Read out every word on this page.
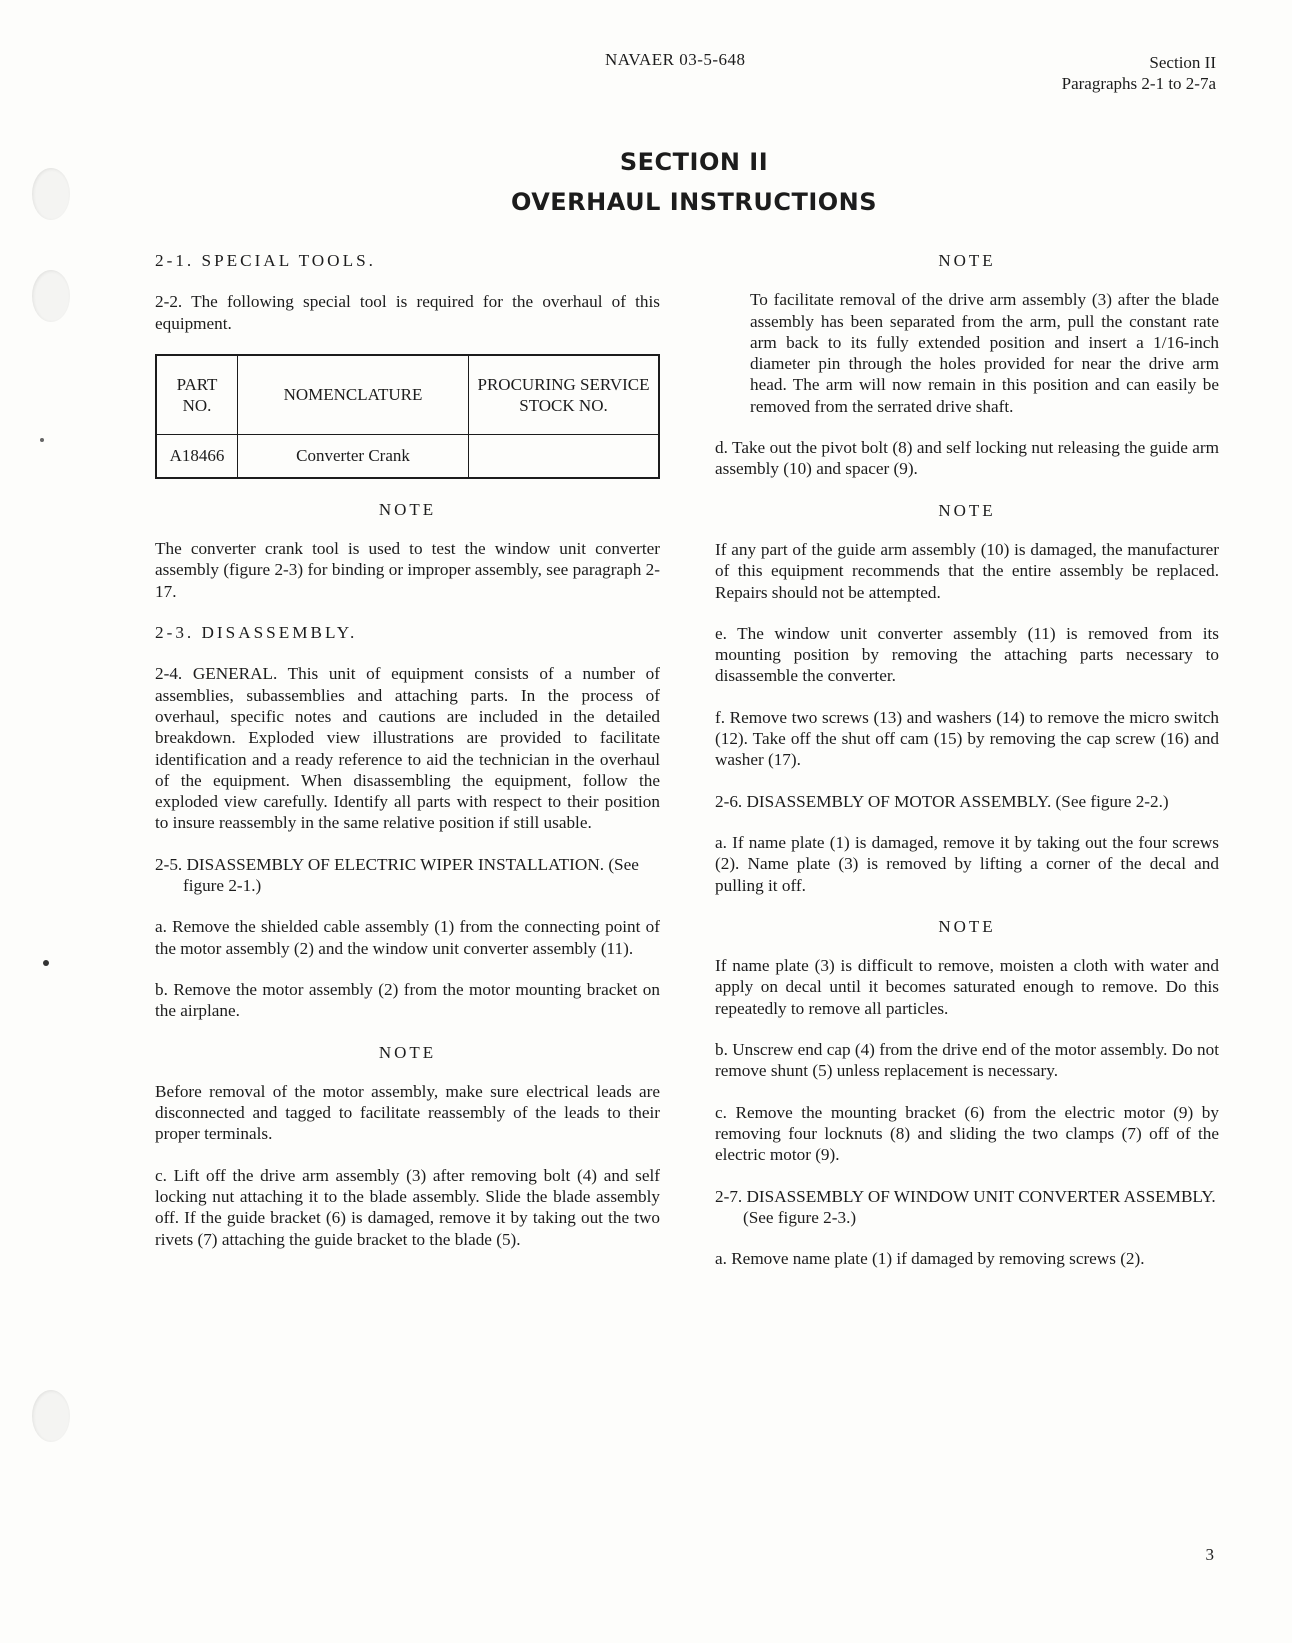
NAVAER 03-5-648	Section II
Paragraphs 2-1 to 2-7a
SECTION II
OVERHAUL INSTRUCTIONS

2-1. SPECIAL TOOLS.

2-2. The following special tool is required for the overhaul of this equipment.

PART NO.	NOMENCLATURE	PROCURING SERVICE STOCK NO.
A18466	Converter Crank	
NOTE

The converter crank tool is used to test the window unit converter assembly (figure 2-3) for binding or improper assembly, see paragraph 2-17.

2-3. DISASSEMBLY.

2-4. GENERAL. This unit of equipment consists of a number of assemblies, subassemblies and attaching parts. In the process of overhaul, specific notes and cautions are included in the detailed breakdown. Exploded view illustrations are provided to facilitate identification and a ready reference to aid the technician in the overhaul of the equipment. When disassembling the equipment, follow the exploded view carefully. Identify all parts with respect to their position to insure reassembly in the same relative position if still usable.

2-5. DISASSEMBLY OF ELECTRIC WIPER INSTALLATION. (See figure 2-1.)

a. Remove the shielded cable assembly (1) from the connecting point of the motor assembly (2) and the window unit converter assembly (11).

b. Remove the motor assembly (2) from the motor mounting bracket on the airplane.

NOTE

Before removal of the motor assembly, make sure electrical leads are disconnected and tagged to facilitate reassembly of the leads to their proper terminals.

c. Lift off the drive arm assembly (3) after removing bolt (4) and self locking nut attaching it to the blade assembly. Slide the blade assembly off. If the guide bracket (6) is damaged, remove it by taking out the two rivets (7) attaching the guide bracket to the blade (5).

NOTE

To facilitate removal of the drive arm assembly (3) after the blade assembly has been separated from the arm, pull the constant rate arm back to its fully extended position and insert a 1/16-inch diameter pin through the holes provided for near the drive arm head. The arm will now remain in this position and can easily be removed from the serrated drive shaft.

d. Take out the pivot bolt (8) and self locking nut releasing the guide arm assembly (10) and spacer (9).

NOTE

If any part of the guide arm assembly (10) is damaged, the manufacturer of this equipment recommends that the entire assembly be replaced. Repairs should not be attempted.

e. The window unit converter assembly (11) is removed from its mounting position by removing the attaching parts necessary to disassemble the converter.

f. Remove two screws (13) and washers (14) to remove the micro switch (12). Take off the shut off cam (15) by removing the cap screw (16) and washer (17).

2-6. DISASSEMBLY OF MOTOR ASSEMBLY. (See figure 2-2.)

a. If name plate (1) is damaged, remove it by taking out the four screws (2). Name plate (3) is removed by lifting a corner of the decal and pulling it off.

NOTE

If name plate (3) is difficult to remove, moisten a cloth with water and apply on decal until it becomes saturated enough to remove. Do this repeatedly to remove all particles.

b. Unscrew end cap (4) from the drive end of the motor assembly. Do not remove shunt (5) unless replacement is necessary.

c. Remove the mounting bracket (6) from the electric motor (9) by removing four locknuts (8) and sliding the two clamps (7) off of the electric motor (9).

2-7. DISASSEMBLY OF WINDOW UNIT CONVERTER ASSEMBLY. (See figure 2-3.)

a. Remove name plate (1) if damaged by removing screws (2).

3
